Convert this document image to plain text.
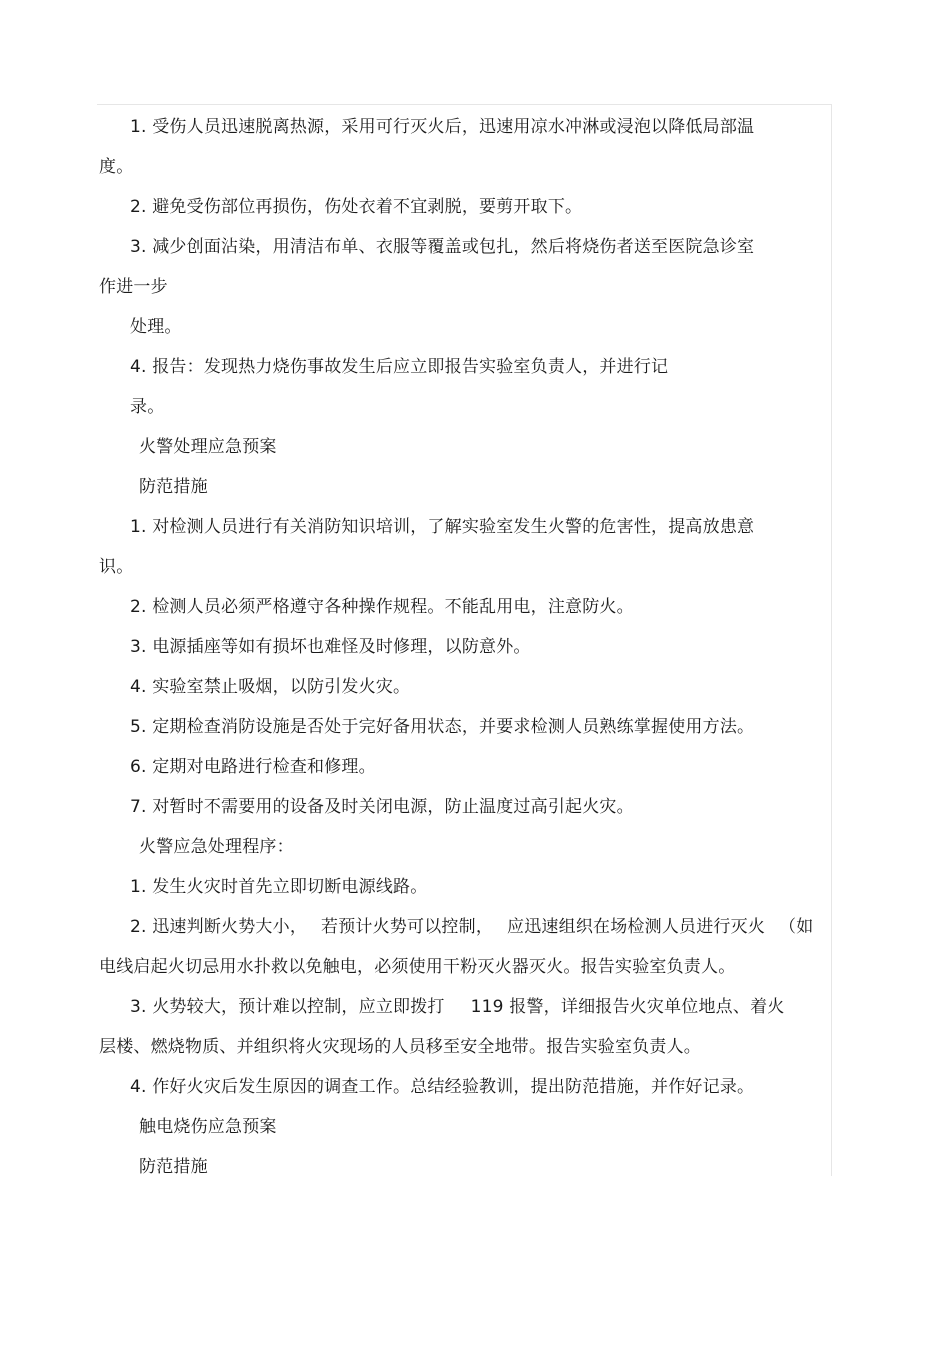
1. 受伤人员迅速脱离热源，采用可行灭火后，迅速用凉水冲淋或浸泡以降低局部温
度。
2. 避免受伤部位再损伤，伤处衣着不宜剥脱，要剪开取下。
3. 减少创面沾染，用清洁布单、衣服等覆盖或包扎，然后将烧伤者送至医院急诊室
作进一步
处理。
4. 报告：发现热力烧伤事故发生后应立即报告实验室负责人，并进行记
录。
火警处理应急预案
防范措施
1. 对检测人员进行有关消防知识培训，了解实验室发生火警的危害性，提高放患意
识。
2. 检测人员必须严格遵守各种操作规程。不能乱用电，注意防火。
3. 电源插座等如有损坏也难怪及时修理，以防意外。
4. 实验室禁止吸烟，以防引发火灾。
5. 定期检查消防设施是否处于完好备用状态，并要求检测人员熟练掌握使用方法。
6. 定期对电路进行检查和修理。
7. 对暂时不需要用的设备及时关闭电源，防止温度过高引起火灾。
火警应急处理程序：
1. 发生火灾时首先立即切断电源线路。
2. 迅速判断火势大小， 若预计火势可以控制， 应迅速组织在场检测人员进行灭火 （如
电线启起火切忌用水扑救以免触电，必须使用干粉灭火器灭火。报告实验室负责人。
3. 火势较大，预计难以控制，应立即拨打 119 报警，详细报告火灾单位地点、着火
层楼、燃烧物质、并组织将火灾现场的人员移至安全地带。报告实验室负责人。
4. 作好火灾后发生原因的调查工作。总结经验教训，提出防范措施，并作好记录。
触电烧伤应急预案
防范措施
